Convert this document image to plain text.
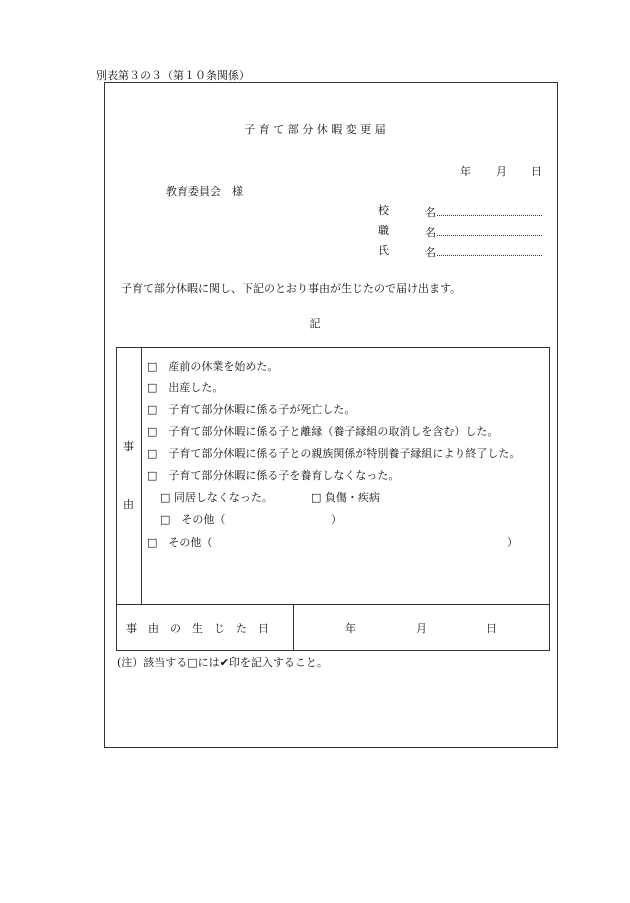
別表第３の３（第１０条関係）
子 育 て 部 分 休 暇 変 更 届
年 月 日
教育委員会　様
校	名
職	名
氏	名
子育て部分休暇に関し、下記のとおり事由が生じたので届け出ます。
記
事
由
□　 産前の休業を始めた。
□　 出産した。
□　 子育て部分休暇に係る子が死亡した。
□　 子育て部分休暇に係る子と離縁（養子縁組の取消しを含む）した。
□　 子育て部分休暇に係る子との親族関係が特別養子縁組により終了した。
□　 子育て部分休暇に係る子を養育しなくなった。
□ 同居しなくなった。	□ 負傷・疾病
□　 その他（	）
□　 その他（	）
事　由　の　生　じ　た　日	年	月	日
(注）該当する□には✔印を記入すること。
